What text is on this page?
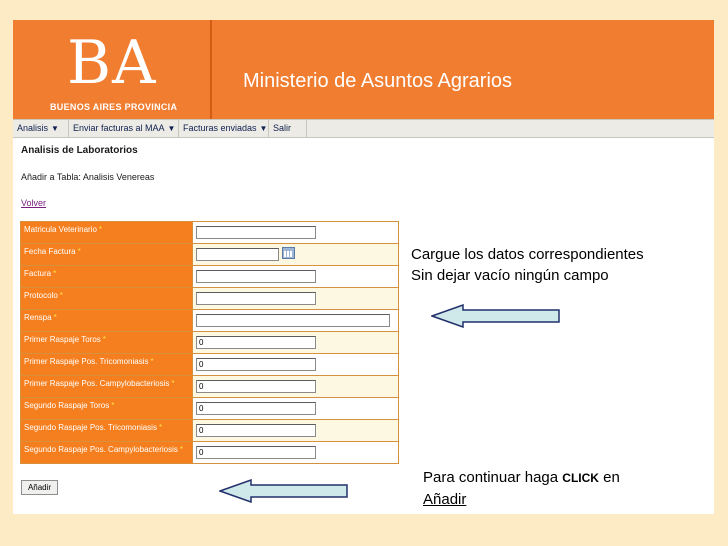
BA
BUENOS AIRES PROVINCIA
Ministerio de Asuntos Agrarios
Analisis ▼	Enviar facturas al MAA ▼ Facturas enviadas ▼ Salir
Analisis de Laboratorios
Añadir a Tabla: Analisis Venereas
Volver
Matricula Veterinario *
Fecha Factura *
Factura *
Protocolo *
Renspa *
Primer Raspaje Toros *
0
Primer Raspaje Pos. Tricomoniasis *
0
Primer Raspaje Pos. Campylobacteriosis *
0
Segundo Raspaje Toros *
0
Segundo Raspaje Pos. Tricomoniasis *
0
Segundo Raspaje Pos. Campylobacteriosis *
0
Añadir
Cargue los datos correspondientes
Sin dejar vacío ningún campo
Para continuar haga CLICK en
Añadir
